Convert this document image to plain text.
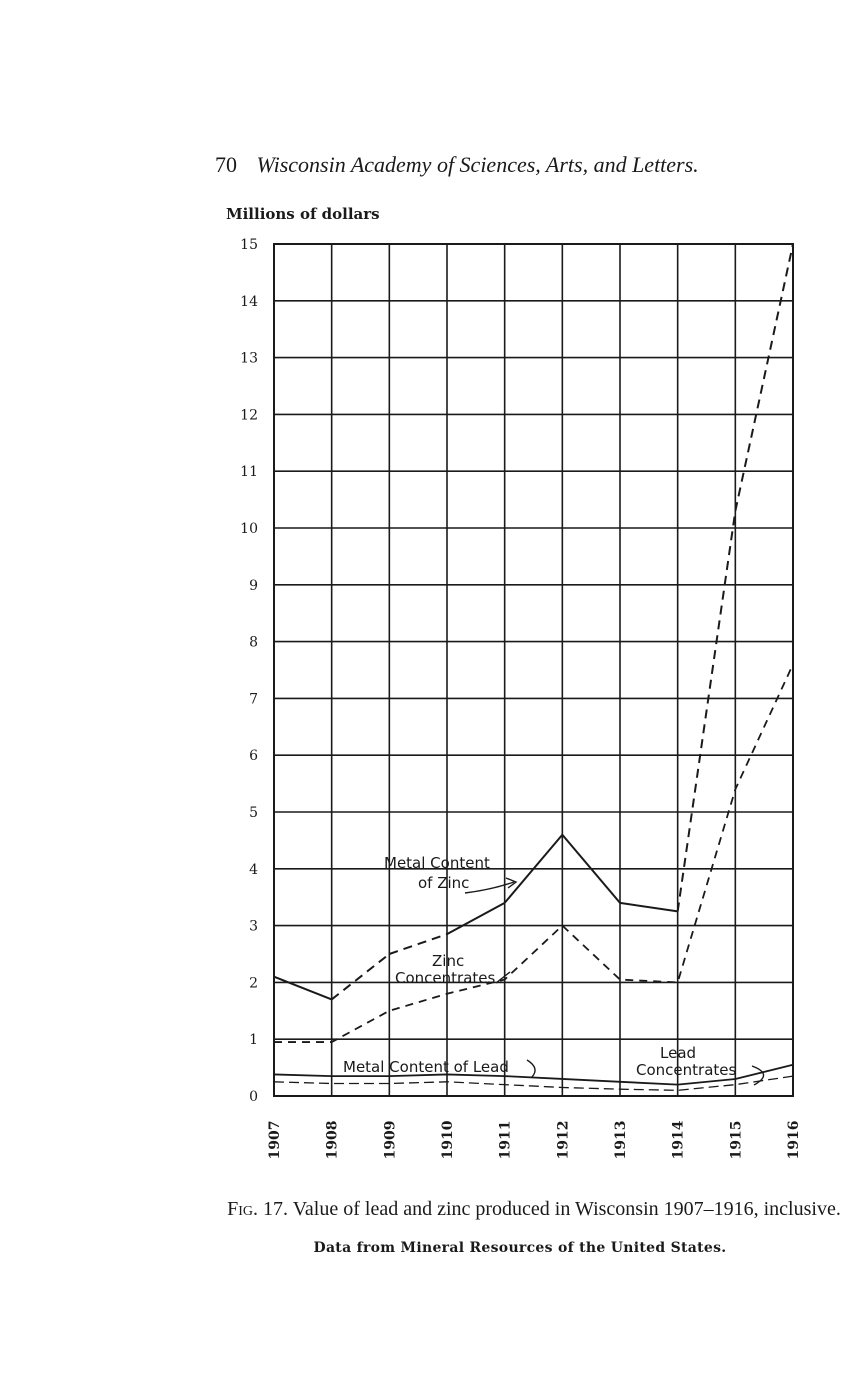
70 Wisconsin Academy of Sciences, Arts, and Letters.
Millions of dollars
0
1
2
3
4
5
6
7
8
9
10
11
12
13
14
15
1907	1908	1909	1910	1911	1912	1913	1914	1915	1916
Metal Content
of Zinc
Zinc
Concentrates
Metal Content of Lead
Lead
Concentrates
Fig. 17. Value of lead and zinc produced in Wisconsin 1907–1916, inclusive.
Data from Mineral Resources of the United States.
